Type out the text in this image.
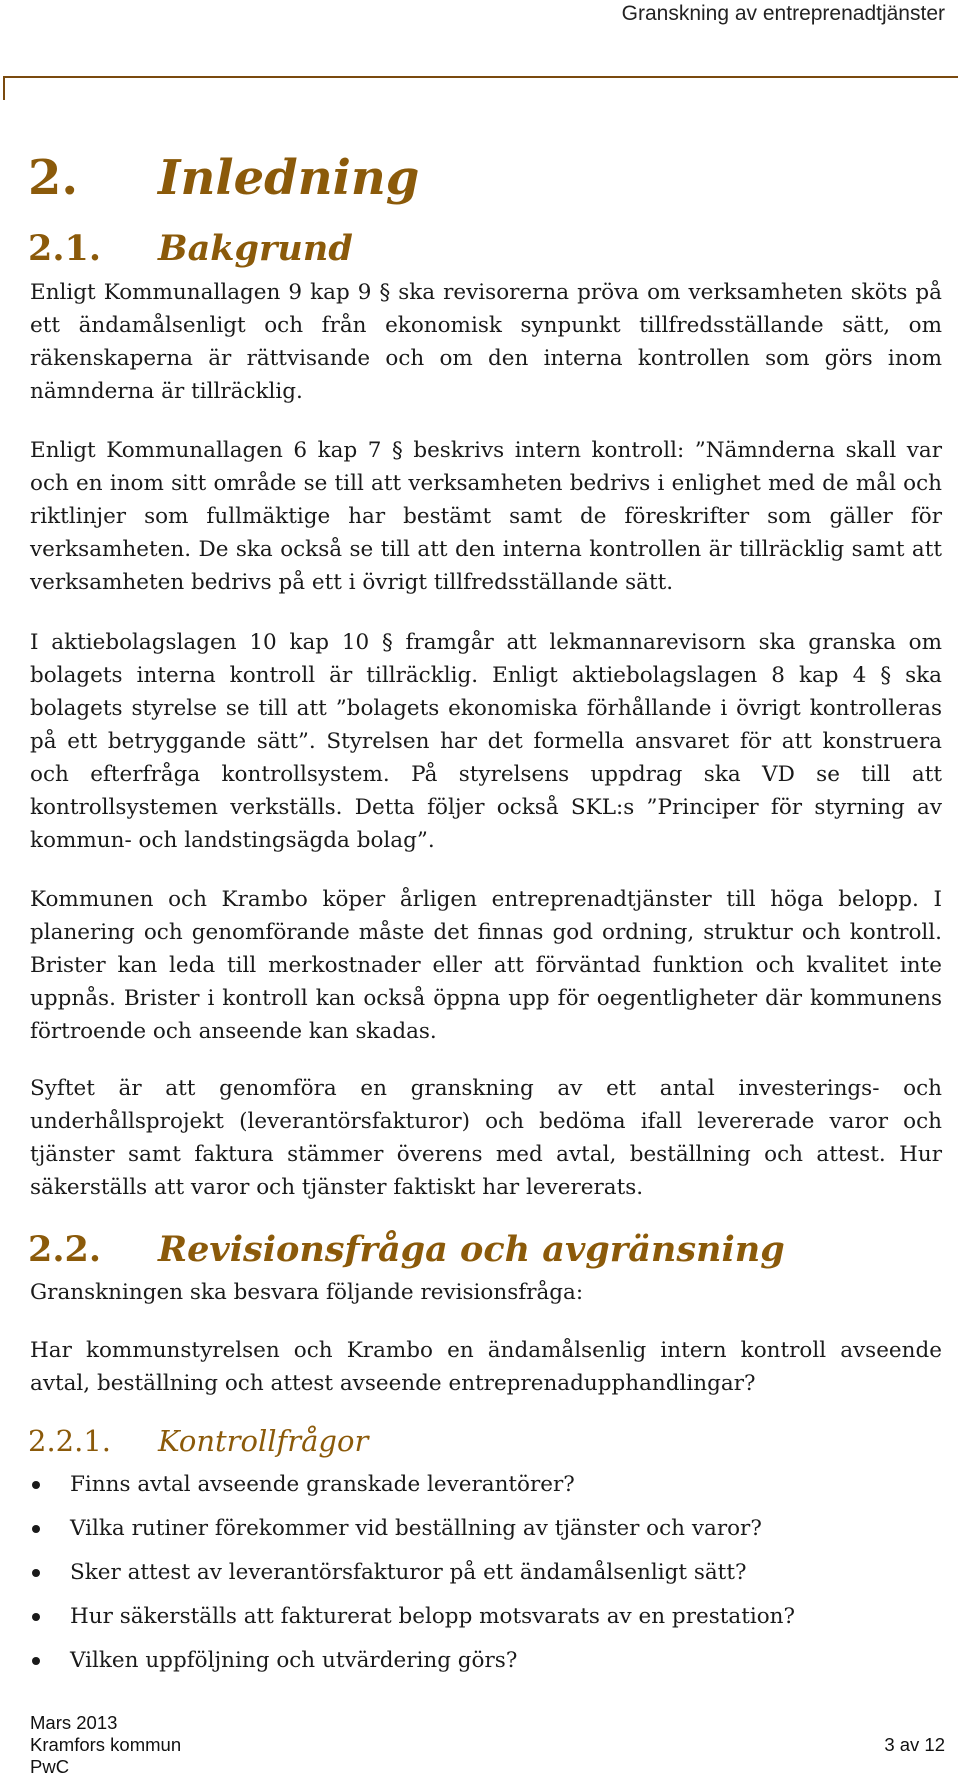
Granskning av entreprenadtjänster
2. Inledning
2.1. Bakgrund

Enligt Kommunallagen 9 kap 9 § ska revisorerna pröva om verksamheten sköts på ett ändamålsenligt och från ekonomisk synpunkt tillfredsställande sätt, om räkenskaperna är rättvisande och om den interna kontrollen som görs inom nämnderna är tillräcklig.

Enligt Kommunallagen 6 kap 7 § beskrivs intern kontroll: ”Nämnderna skall var och en inom sitt område se till att verksamheten bedrivs i enlighet med de mål och riktlinjer som fullmäktige har bestämt samt de föreskrifter som gäller för verksamheten. De ska också se till att den interna kontrollen är tillräcklig samt att verksamheten bedrivs på ett i övrigt tillfredsställande sätt.

I aktiebolagslagen 10 kap 10 § framgår att lekmannarevisorn ska granska om bolagets interna kontroll är tillräcklig. Enligt aktiebolagslagen 8 kap 4 § ska bolagets styrelse se till att ”bolagets ekonomiska förhållande i övrigt kontrolleras på ett betryggande sätt”. Styrelsen har det formella ansvaret för att konstruera och efterfråga kontrollsystem. På styrelsens uppdrag ska VD se till att kontrollsystemen verkställs. Detta följer också SKL:s ”Principer för styrning av kommun- och landstingsägda bolag”.

Kommunen och Krambo köper årligen entreprenadtjänster till höga belopp. I planering och genomförande måste det finnas god ordning, struktur och kontroll. Brister kan leda till merkostnader eller att förväntad funktion och kvalitet inte uppnås. Brister i kontroll kan också öppna upp för oegentligheter där kommunens förtroende och anseende kan skadas.

Syftet är att genomföra en granskning av ett antal investerings- och underhållsprojekt (leverantörsfakturor) och bedöma ifall levererade varor och tjänster samt faktura stämmer överens med avtal, beställning och attest. Hur säkerställs att varor och tjänster faktiskt har levererats.

2.2. Revisionsfråga och avgränsning

Granskningen ska besvara följande revisionsfråga:

Har kommunstyrelsen och Krambo en ändamålsenlig intern kontroll avseende avtal, beställning och attest avseende entreprenadupphandlingar?

2.2.1. Kontrollfrågor
Finns avtal avseende granskade leverantörer?
Vilka rutiner förekommer vid beställning av tjänster och varor?
Sker attest av leverantörsfakturor på ett ändamålsenligt sätt?
Hur säkerställs att fakturerat belopp motsvarats av en prestation?
Vilken uppföljning och utvärdering görs?
Mars 2013
Kramfors kommun
PwC
3 av 12
